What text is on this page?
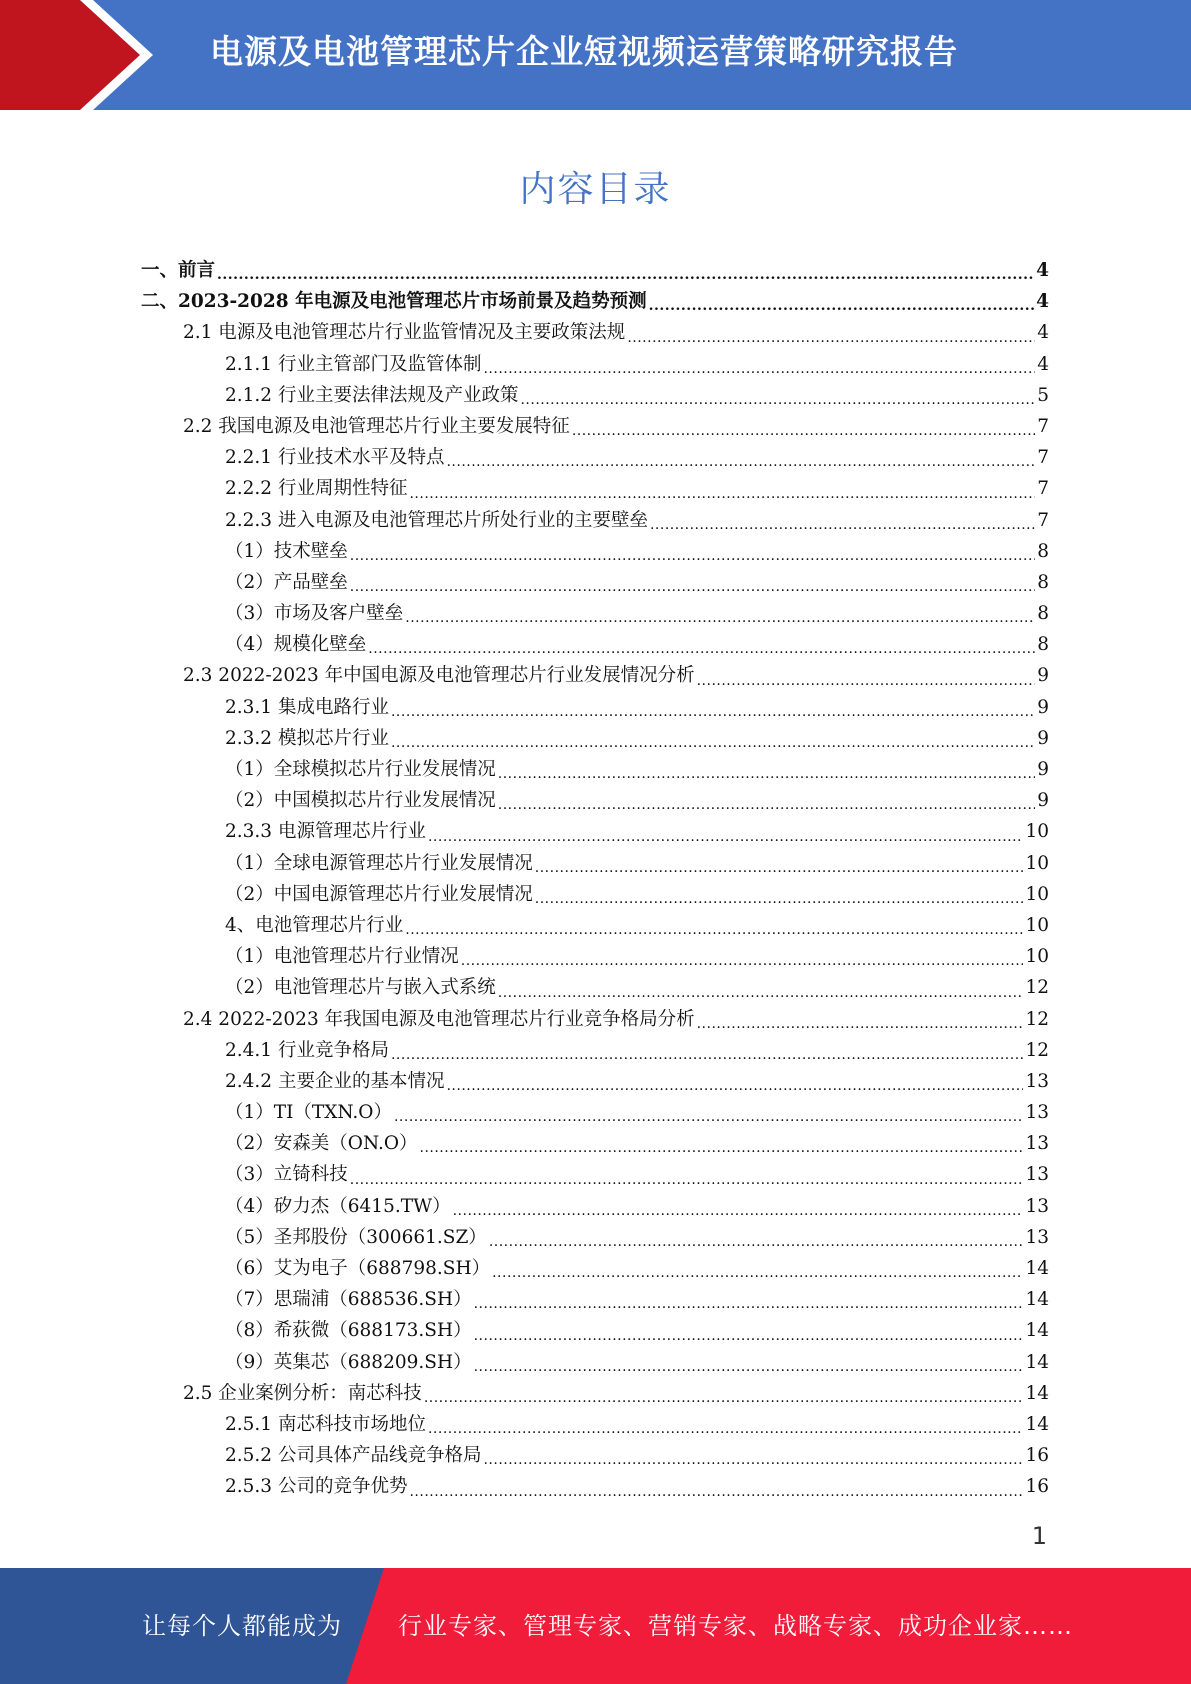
电源及电池管理芯片企业短视频运营策略研究报告
内容目录
一、前言 .....	4
二、2023-2028 年电源及电池管理芯片市场前景及趋势预测 .....	4
2.1 电源及电池管理芯片行业监管情况及主要政策法规 .....	4
2.1.1 行业主管部门及监管体制 .....	4
2.1.2 行业主要法律法规及产业政策 .....	5
2.2 我国电源及电池管理芯片行业主要发展特征 .....	7
2.2.1 行业技术水平及特点 .....	7
2.2.2 行业周期性特征 .....	7
2.2.3 进入电源及电池管理芯片所处行业的主要壁垒 .....	7
（1）技术壁垒 .....	8
（2）产品壁垒 .....	8
（3）市场及客户壁垒 .....	8
（4）规模化壁垒 .....	8
2.3 2022-2023 年中国电源及电池管理芯片行业发展情况分析 .....	9
2.3.1 集成电路行业 .....	9
2.3.2 模拟芯片行业 .....	9
（1）全球模拟芯片行业发展情况 .....	9
（2）中国模拟芯片行业发展情况 .....	9
2.3.3 电源管理芯片行业 .....	10
（1）全球电源管理芯片行业发展情况 .....	10
（2）中国电源管理芯片行业发展情况 .....	10
4、电池管理芯片行业 .....	10
（1）电池管理芯片行业情况 .....	10
（2）电池管理芯片与嵌入式系统 .....	12
2.4 2022-2023 年我国电源及电池管理芯片行业竞争格局分析 .....	12
2.4.1 行业竞争格局 .....	12
2.4.2 主要企业的基本情况 .....	13
（1）TI（TXN.O） .....	13
（2）安森美（ON.O） .....	13
（3）立锜科技 .....	13
（4）矽力杰（6415.TW） .....	13
（5）圣邦股份（300661.SZ） .....	13
（6）艾为电子（688798.SH） .....	14
（7）思瑞浦（688536.SH） .....	14
（8）希荻微（688173.SH） .....	14
（9）英集芯（688209.SH） .....	14
2.5 企业案例分析：南芯科技 .....	14
2.5.1 南芯科技市场地位 .....	14
2.5.2 公司具体产品线竞争格局 .....	16
2.5.3 公司的竞争优势 .....	16
1
让每个人都能成为 行业专家、管理专家、营销专家、战略专家、成功企业家……
